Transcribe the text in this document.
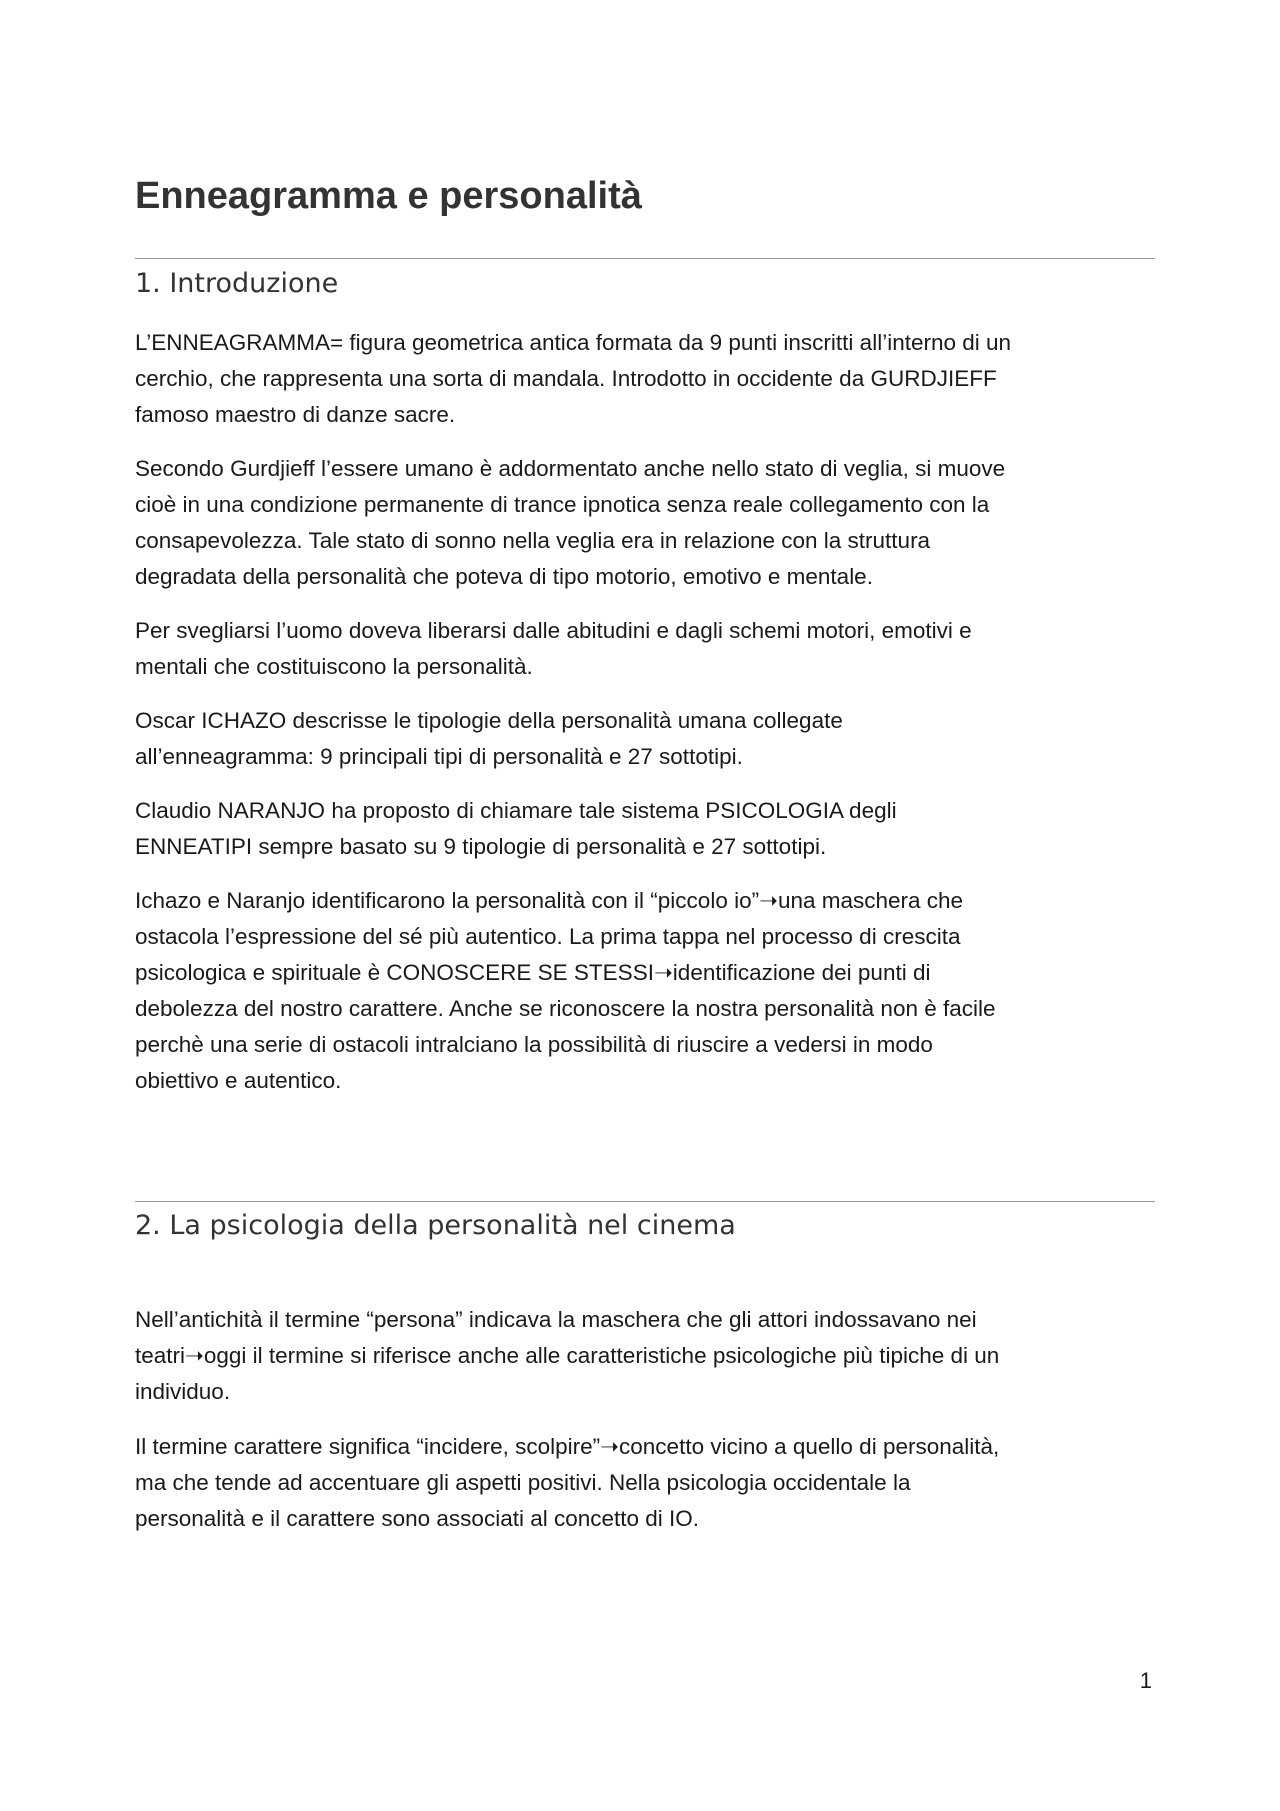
Enneagramma e personalità
1. Introduzione

L’ENNEAGRAMMA= figura geometrica antica formata da 9 punti inscritti all’interno di un
cerchio, che rappresenta una sorta di mandala. Introdotto in occidente da GURDJIEFF
famoso maestro di danze sacre.

Secondo Gurdjieff l’essere umano è addormentato anche nello stato di veglia, si muove
cioè in una condizione permanente di trance ipnotica senza reale collegamento con la
consapevolezza. Tale stato di sonno nella veglia era in relazione con la struttura
degradata della personalità che poteva di tipo motorio, emotivo e mentale.

Per svegliarsi l’uomo doveva liberarsi dalle abitudini e dagli schemi motori, emotivi e
mentali che costituiscono la personalità.

Oscar ICHAZO descrisse le tipologie della personalità umana collegate
all’enneagramma: 9 principali tipi di personalità e 27 sottotipi.

Claudio NARANJO ha proposto di chiamare tale sistema PSICOLOGIA degli
ENNEATIPI sempre basato su 9 tipologie di personalità e 27 sottotipi.

Ichazo e Naranjo identificarono la personalità con il “piccolo io”➝una maschera che
ostacola l’espressione del sé più autentico. La prima tappa nel processo di crescita
psicologica e spirituale è CONOSCERE SE STESSI➝identificazione dei punti di
debolezza del nostro carattere. Anche se riconoscere la nostra personalità non è facile
perchè una serie di ostacoli intralciano la possibilità di riuscire a vedersi in modo
obiettivo e autentico.

2. La psicologia della personalità nel cinema

Nell’antichità il termine “persona” indicava la maschera che gli attori indossavano nei
teatri➝oggi il termine si riferisce anche alle caratteristiche psicologiche più tipiche di un
individuo.

Il termine carattere significa “incidere, scolpire”➝concetto vicino a quello di personalità,
ma che tende ad accentuare gli aspetti positivi. Nella psicologia occidentale la
personalità e il carattere sono associati al concetto di IO.

1
